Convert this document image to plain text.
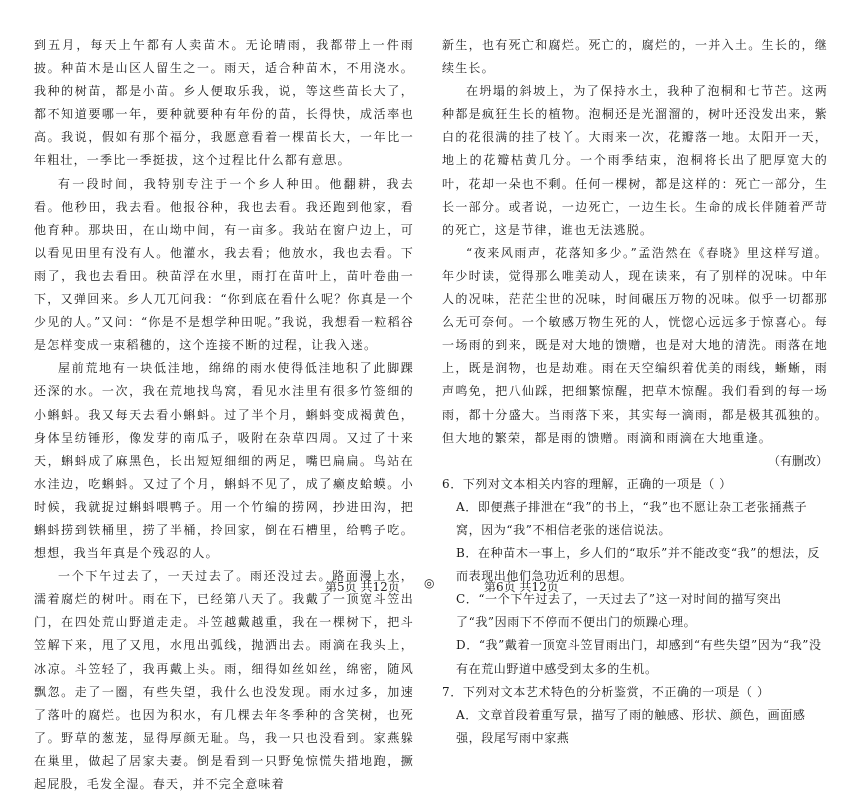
到五月，每天上午都有人卖苗木。无论晴雨，我都带上一件雨披。种苗木是山区人留生之一。雨天，适合种苗木，不用浇水。我种的树苗，都是小苗。乡人便取乐我，说，等这些苗长大了，都不知道要哪一年，要种就要种有年份的苗，长得快，成活率也高。我说，假如有那个福分，我愿意看着一棵苗长大，一年比一年粗壮，一季比一季挺拔，这个过程比什么都有意思。

有一段时间，我特别专注于一个乡人种田。他翻耕，我去看。他秒田，我去看。他报谷种，我也去看。我还跑到他家，看他育种。那块田，在山坳中间，有一亩多。我站在窗户边上，可以看见田里有没有人。他灌水，我去看；他放水，我也去看。下雨了，我也去看田。秧苗浮在水里，雨打在苗叶上，苗叶卷曲一下，又弹回来。乡人兀兀问我：“你到底在看什么呢？你真是一个少见的人。”又问：“你是不是想学种田呢。”我说，我想看一粒稻谷是怎样变成一束稻穗的，这个连接不断的过程，让我入迷。

屋前荒地有一块低洼地，绵绵的雨水使得低洼地积了此脚踝还深的水。一次，我在荒地找鸟窝，看见水洼里有很多竹签细的小蝌蚪。我又每天去看小蝌蚪。过了半个月，蝌蚪变成褐黄色，身体呈纺锤形，像发芽的南瓜子，吸附在杂草四周。又过了十来天，蝌蚪成了麻黑色，长出短短细细的两足，嘴巴扁扁。鸟站在水洼边，吃蝌蚪。又过了个月，蝌蚪不见了，成了癞皮蛤蟆。小时候，我就捉过蝌蚪喂鸭子。用一个竹编的捞网，抄进田沟，把蝌蚪捞到铁桶里，捞了半桶，拎回家，倒在石槽里，给鸭子吃。想想，我当年真是个残忍的人。

一个下午过去了，一天过去了。雨还没过去。路面漫上水，濡着腐烂的树叶。雨在下，已经第八天了。我戴了一顶宽斗笠出门，在四处荒山野道走走。斗笠越戴越重，我在一棵树下，把斗笠解下来，甩了又甩，水甩出弧线，抛洒出去。雨滴在我头上，冰凉。斗笠轻了，我再戴上头。雨，细得如丝如丝，绵密，随风飘忽。走了一圈，有些失望，我什么也没发现。雨水过多，加速了落叶的腐烂。也因为积水，有几棵去年冬季种的含笑树，也死了。野草的葱茏，显得厚颜无耻。鸟，我一只也没看到。家燕躲在巢里，做起了居家夫妻。倒是看到一只野兔惊慌失措地跑，撅起屁股，毛发全湿。春天，并不完全意味着

新生，也有死亡和腐烂。死亡的，腐烂的，一并入土。生长的，继续生长。

在坍塌的斜坡上，为了保持水土，我种了泡桐和七节芒。这两种都是疯狂生长的植物。泡桐还是光溜溜的，树叶还没发出来，紫白的花很满的挂了枝丫。大雨来一次，花瓣落一地。太阳开一天，地上的花瓣枯黄几分。一个雨季结束，泡桐将长出了肥厚宽大的叶，花却一朵也不剩。任何一棵树，都是这样的：死亡一部分，生长一部分。或者说，一边死亡，一边生长。生命的成长伴随着严苛的死亡，这是节律，谁也无法逃脱。

“夜来风雨声，花落知多少。”孟浩然在《春晓》里这样写道。年少时读，觉得那么唯美动人，现在读来，有了别样的况味。中年人的况味，茫茫尘世的况味，时间碾压万物的况味。似乎一切都那么无可奈何。一个敏感万物生死的人，恍惚心远远多于惊喜心。每一场雨的到来，既是对大地的馈赠，也是对大地的清洗。雨落在地上，既是润物，也是劫难。雨在天空编织着优美的雨线，蜥蜥，雨声鸣免，把八仙踩，把细繁惊醒，把草木惊醒。我们看到的每一场雨，都十分盛大。当雨落下来，其实每一滴雨，都是极其孤独的。但大地的繁荣，都是雨的馈赠。雨滴和雨滴在大地重逢。

（有删改）

6．下列对文本相关内容的理解，正确的一项是（ ）

A．即便燕子排泄在“我”的书上，“我”也不愿让杂工老张捅燕子窝，因为“我”不相信老张的迷信说法。

B．在种苗木一事上，乡人们的“取乐”并不能改变“我”的想法，反而表现出他们急功近利的思想。

C．“一个下午过去了，一天过去了”这一对时间的描写突出了“我”因雨下不停而不便出门的烦躁心理。

D．“我”戴着一顶宽斗笠冒雨出门，却感到“有些失望”因为“我”没有在荒山野道中感受到太多的生机。

7．下列对文本艺术特色的分析鉴赏，不正确的一项是（ ）

A．文章首段着重写景，描写了雨的触感、形状、颜色，画面感强，段尾写雨中家燕

第5页 共12页 ◎	第6页 共12页
